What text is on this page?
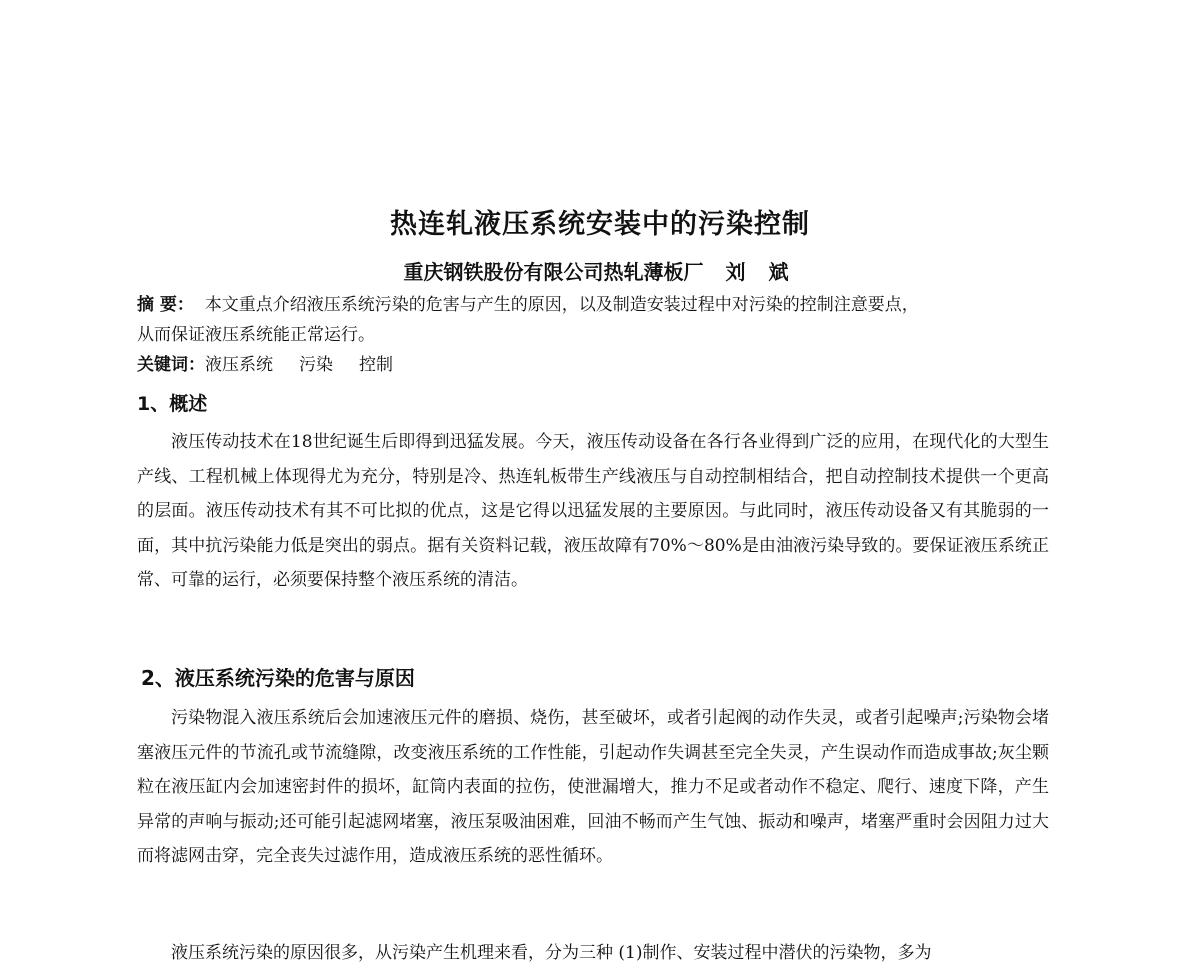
热连轧液压系统安装中的污染控制
重庆钢铁股份有限公司热轧薄板厂 刘 斌
摘 要： 本文重点介绍液压系统污染的危害与产生的原因，以及制造安装过程中对污染的控制注意要点，
从而保证液压系统能正常运行。
关键词：液压系统 污染 控制
1、概述

液压传动技术在18世纪诞生后即得到迅猛发展。今天，液压传动设备在各行各业得到广泛的应用，在现代化的大型生产线、工程机械上体现得尤为充分，特别是冷、热连轧板带生产线液压与自动控制相结合，把自动控制技术提供一个更高的层面。液压传动技术有其不可比拟的优点，这是它得以迅猛发展的主要原因。与此同时，液压传动设备又有其脆弱的一面，其中抗污染能力低是突出的弱点。据有关资料记载，液压故障有70%～80%是由油液污染导致的。要保证液压系统正常、可靠的运行，必须要保持整个液压系统的清洁。

2、液压系统污染的危害与原因

污染物混入液压系统后会加速液压元件的磨损、烧伤，甚至破坏，或者引起阀的动作失灵，或者引起噪声;污染物会堵塞液压元件的节流孔或节流缝隙，改变液压系统的工作性能，引起动作失调甚至完全失灵，产生误动作而造成事故;灰尘颗粒在液压缸内会加速密封件的损坏，缸筒内表面的拉伤，使泄漏增大，推力不足或者动作不稳定、爬行、速度下降，产生异常的声响与振动;还可能引起滤网堵塞，液压泵吸油困难，回油不畅而产生气蚀、振动和噪声，堵塞严重时会因阻力过大而将滤网击穿，完全丧失过滤作用，造成液压系统的恶性循环。

液压系统污染的原因很多，从污染产生机理来看，分为三种 (1)制作、安装过程中潜伏的污染物，多为
